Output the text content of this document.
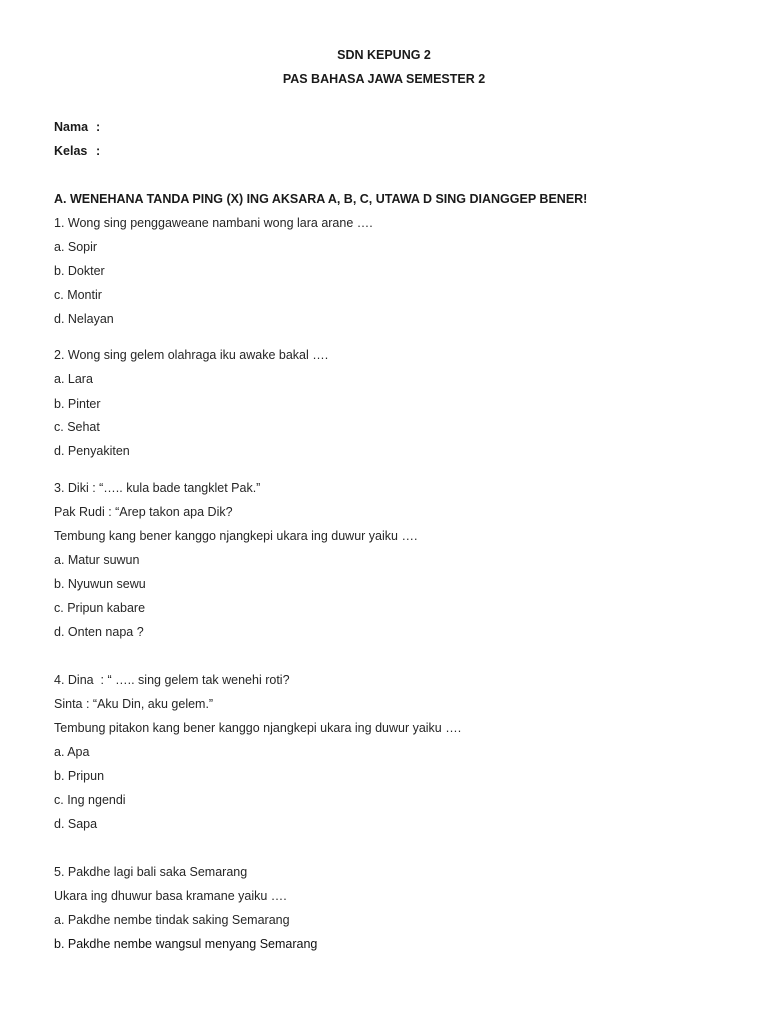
SDN KEPUNG 2
PAS BAHASA JAWA SEMESTER 2
Nama :
Kelas :
A. WENEHANA TANDA PING (X) ING AKSARA A, B, C, UTAWA D SING DIANGGEP BENER!
1. Wong sing penggaweane nambani wong lara arane ….
a. Sopir
b. Dokter
c. Montir
d. Nelayan
2. Wong sing gelem olahraga iku awake bakal ….
a. Lara
b. Pinter
c. Sehat
d. Penyakiten
3. Diki : “….. kula bade tangklet Pak.”
Pak Rudi : “Arep takon apa Dik?
Tembung kang bener kanggo njangkepi ukara ing duwur yaiku ….
a. Matur suwun
b. Nyuwun sewu
c. Pripun kabare
d. Onten napa ?
4. Dina  : “ ….. sing gelem tak wenehi roti?
Sinta : “Aku Din, aku gelem.”
Tembung pitakon kang bener kanggo njangkepi ukara ing duwur yaiku ….
a. Apa
b. Pripun
c. Ing ngendi
d. Sapa
5. Pakdhe lagi bali saka Semarang
Ukara ing dhuwur basa kramane yaiku ….
a. Pakdhe nembe tindak saking Semarang
b. Pakdhe nembe wangsul menyang Semarang
